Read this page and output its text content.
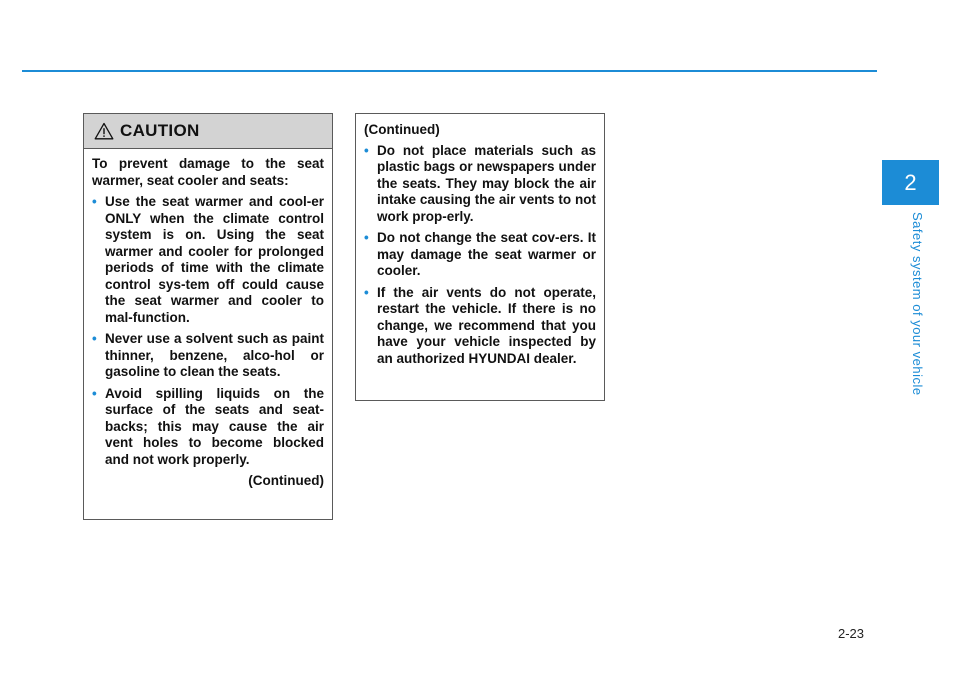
2
Safety system of your vehicle
CAUTION

To prevent damage to the seat warmer, seat cooler and seats:

• Use the seat warmer and cool-er ONLY when the climate control system is on. Using the seat warmer and cooler for prolonged periods of time with the climate control sys-tem off could cause the seat warmer and cooler to mal-function.
• Never use a solvent such as paint thinner, benzene, alco-hol or gasoline to clean the seats.
• Avoid spilling liquids on the surface of the seats and seat-backs; this may cause the air vent holes to become blocked and not work properly.
(Continued)

(Continued)

• Do not place materials such as plastic bags or newspapers under the seats. They may block the air intake causing the air vents to not work prop-erly.
• Do not change the seat cov-ers. It may damage the seat warmer or cooler.
• If the air vents do not operate, restart the vehicle. If there is no change, we recommend that you have your vehicle inspected by an authorized HYUNDAI dealer.
2-23
